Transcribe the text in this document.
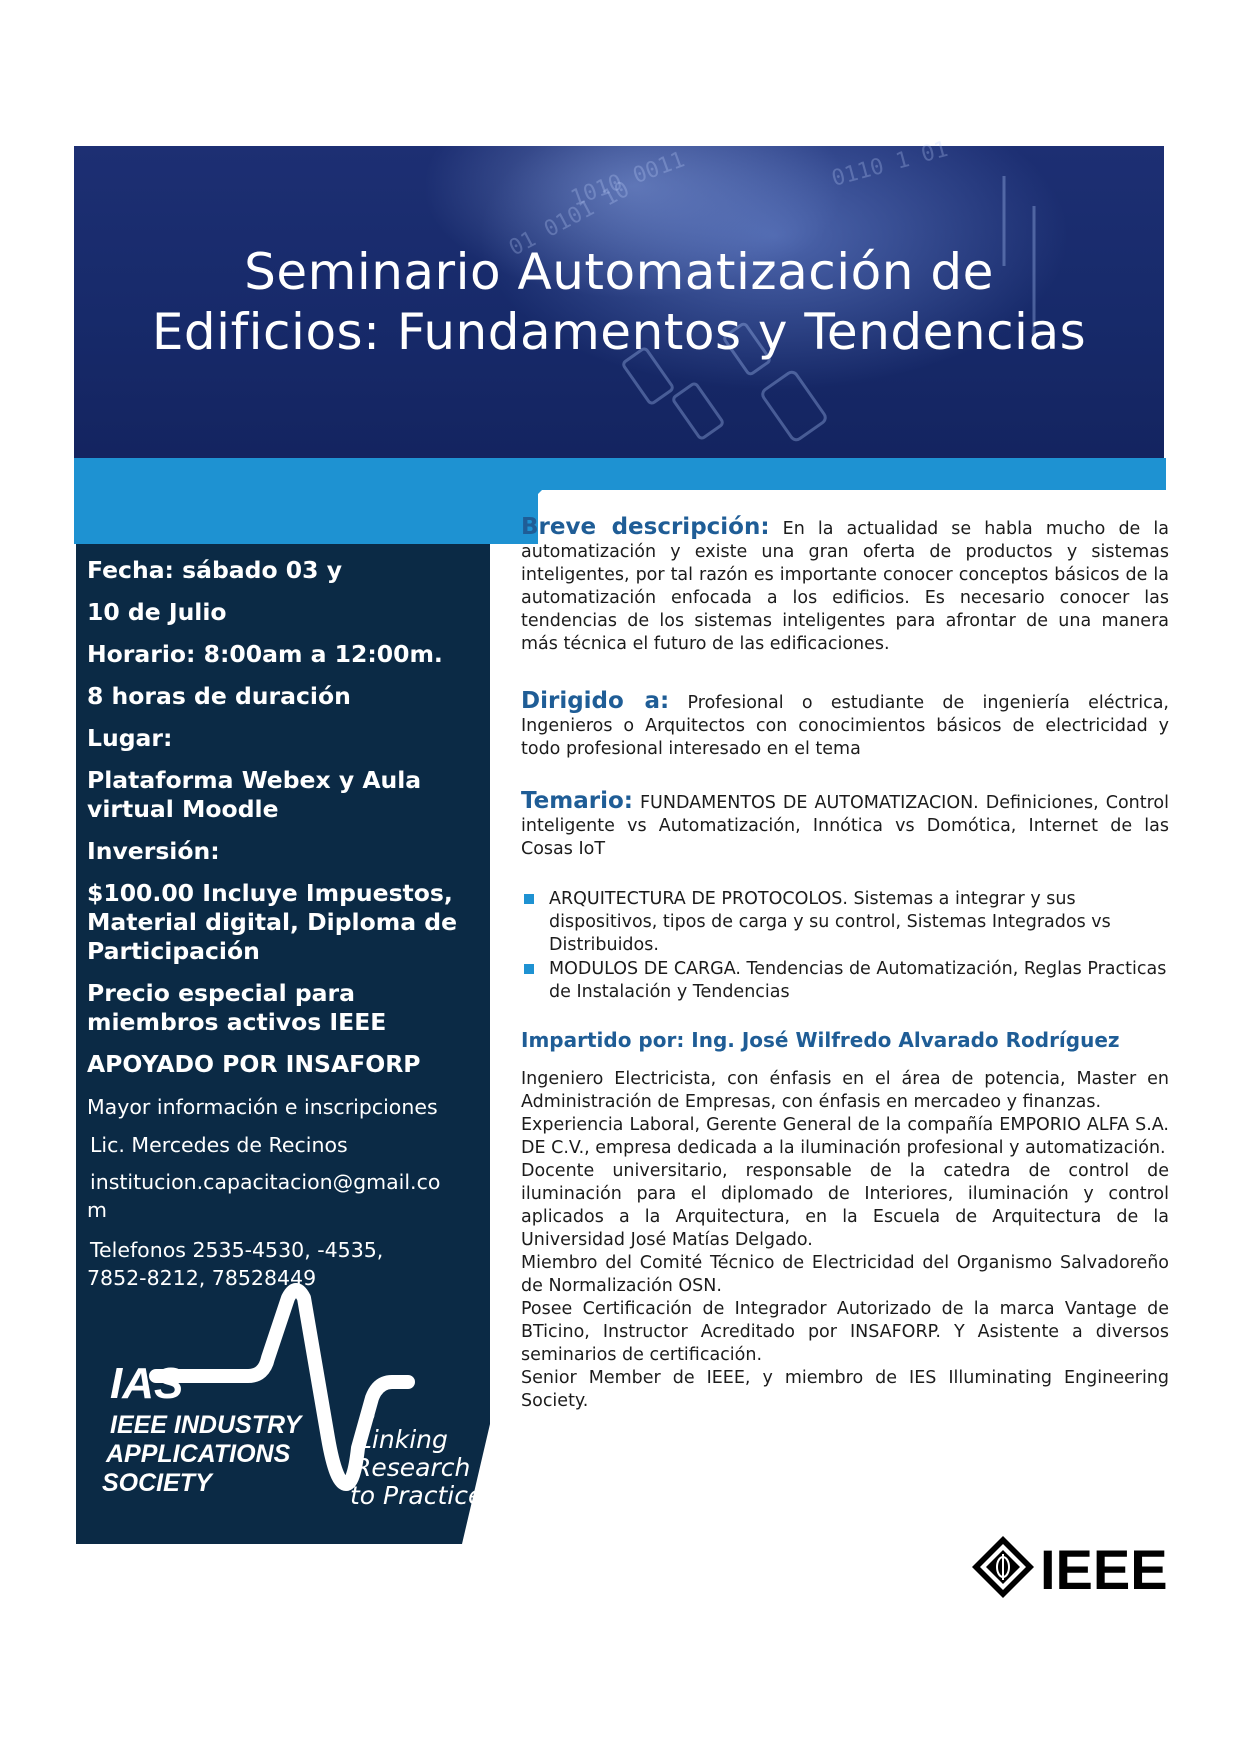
1010 0011
01 0101 10
0110 1 01
Seminario Automatización de
Edificios: Fundamentos y Tendencias
Fecha: sábado 03 y
10 de Julio
Horario: 8:00am a 12:00m.
8 horas de duración
Lugar:
Plataforma Webex y Aula
virtual Moodle
Inversión:
$100.00 Incluye Impuestos,
Material digital, Diploma de
Participación
Precio especial para
miembros activos IEEE
APOYADO POR INSAFORP
Mayor información e inscripciones
Lic. Mercedes de Recinos
institucion.capacitacion@gmail.co
m
Telefonos 2535-4530, -4535,
7852-8212, 78528449
IAS
IEEE INDUSTRY
APPLICATIONS
SOCIETY
®
Linking
Research
to Practice
Breve descripción: En la actualidad se habla mucho de la automatización y existe una gran oferta de productos y sistemas inteligentes, por tal razón es importante conocer conceptos básicos de la automatización enfocada a los edificios. Es necesario conocer las tendencias de los sistemas inteligentes para afrontar de una manera más técnica el futuro de las edificaciones.
Dirigido a: Profesional o estudiante de ingeniería eléctrica, Ingenieros o Arquitectos con conocimientos básicos de electricidad y todo profesional interesado en el tema
Temario: FUNDAMENTOS DE AUTOMATIZACION. Definiciones, Control inteligente vs Automatización, Innótica vs Domótica, Internet de las Cosas IoT
ARQUITECTURA DE PROTOCOLOS. Sistemas a integrar y sus dispositivos, tipos de carga y su control, Sistemas Integrados vs Distribuidos.
MODULOS DE CARGA. Tendencias de Automatización, Reglas Practicas de Instalación y Tendencias
Impartido por: Ing. José Wilfredo Alvarado Rodríguez
Ingeniero Electricista, con énfasis en el área de potencia, Master en Administración de Empresas, con énfasis en mercadeo y finanzas.
Experiencia Laboral, Gerente General de la compañía EMPORIO ALFA S.A. DE C.V., empresa dedicada a la iluminación profesional y automatización.
Docente universitario, responsable de la catedra de control de iluminación para el diplomado de Interiores, iluminación y control aplicados a la Arquitectura, en la Escuela de Arquitectura de la Universidad José Matías Delgado.
Miembro del Comité Técnico de Electricidad del Organismo Salvadoreño de Normalización OSN.
Posee Certificación de Integrador Autorizado de la marca Vantage de BTicino, Instructor Acreditado por INSAFORP. Y Asistente a diversos seminarios de certificación.
Senior Member de IEEE, y miembro de IES Illuminating Engineering Society.
IEEE
